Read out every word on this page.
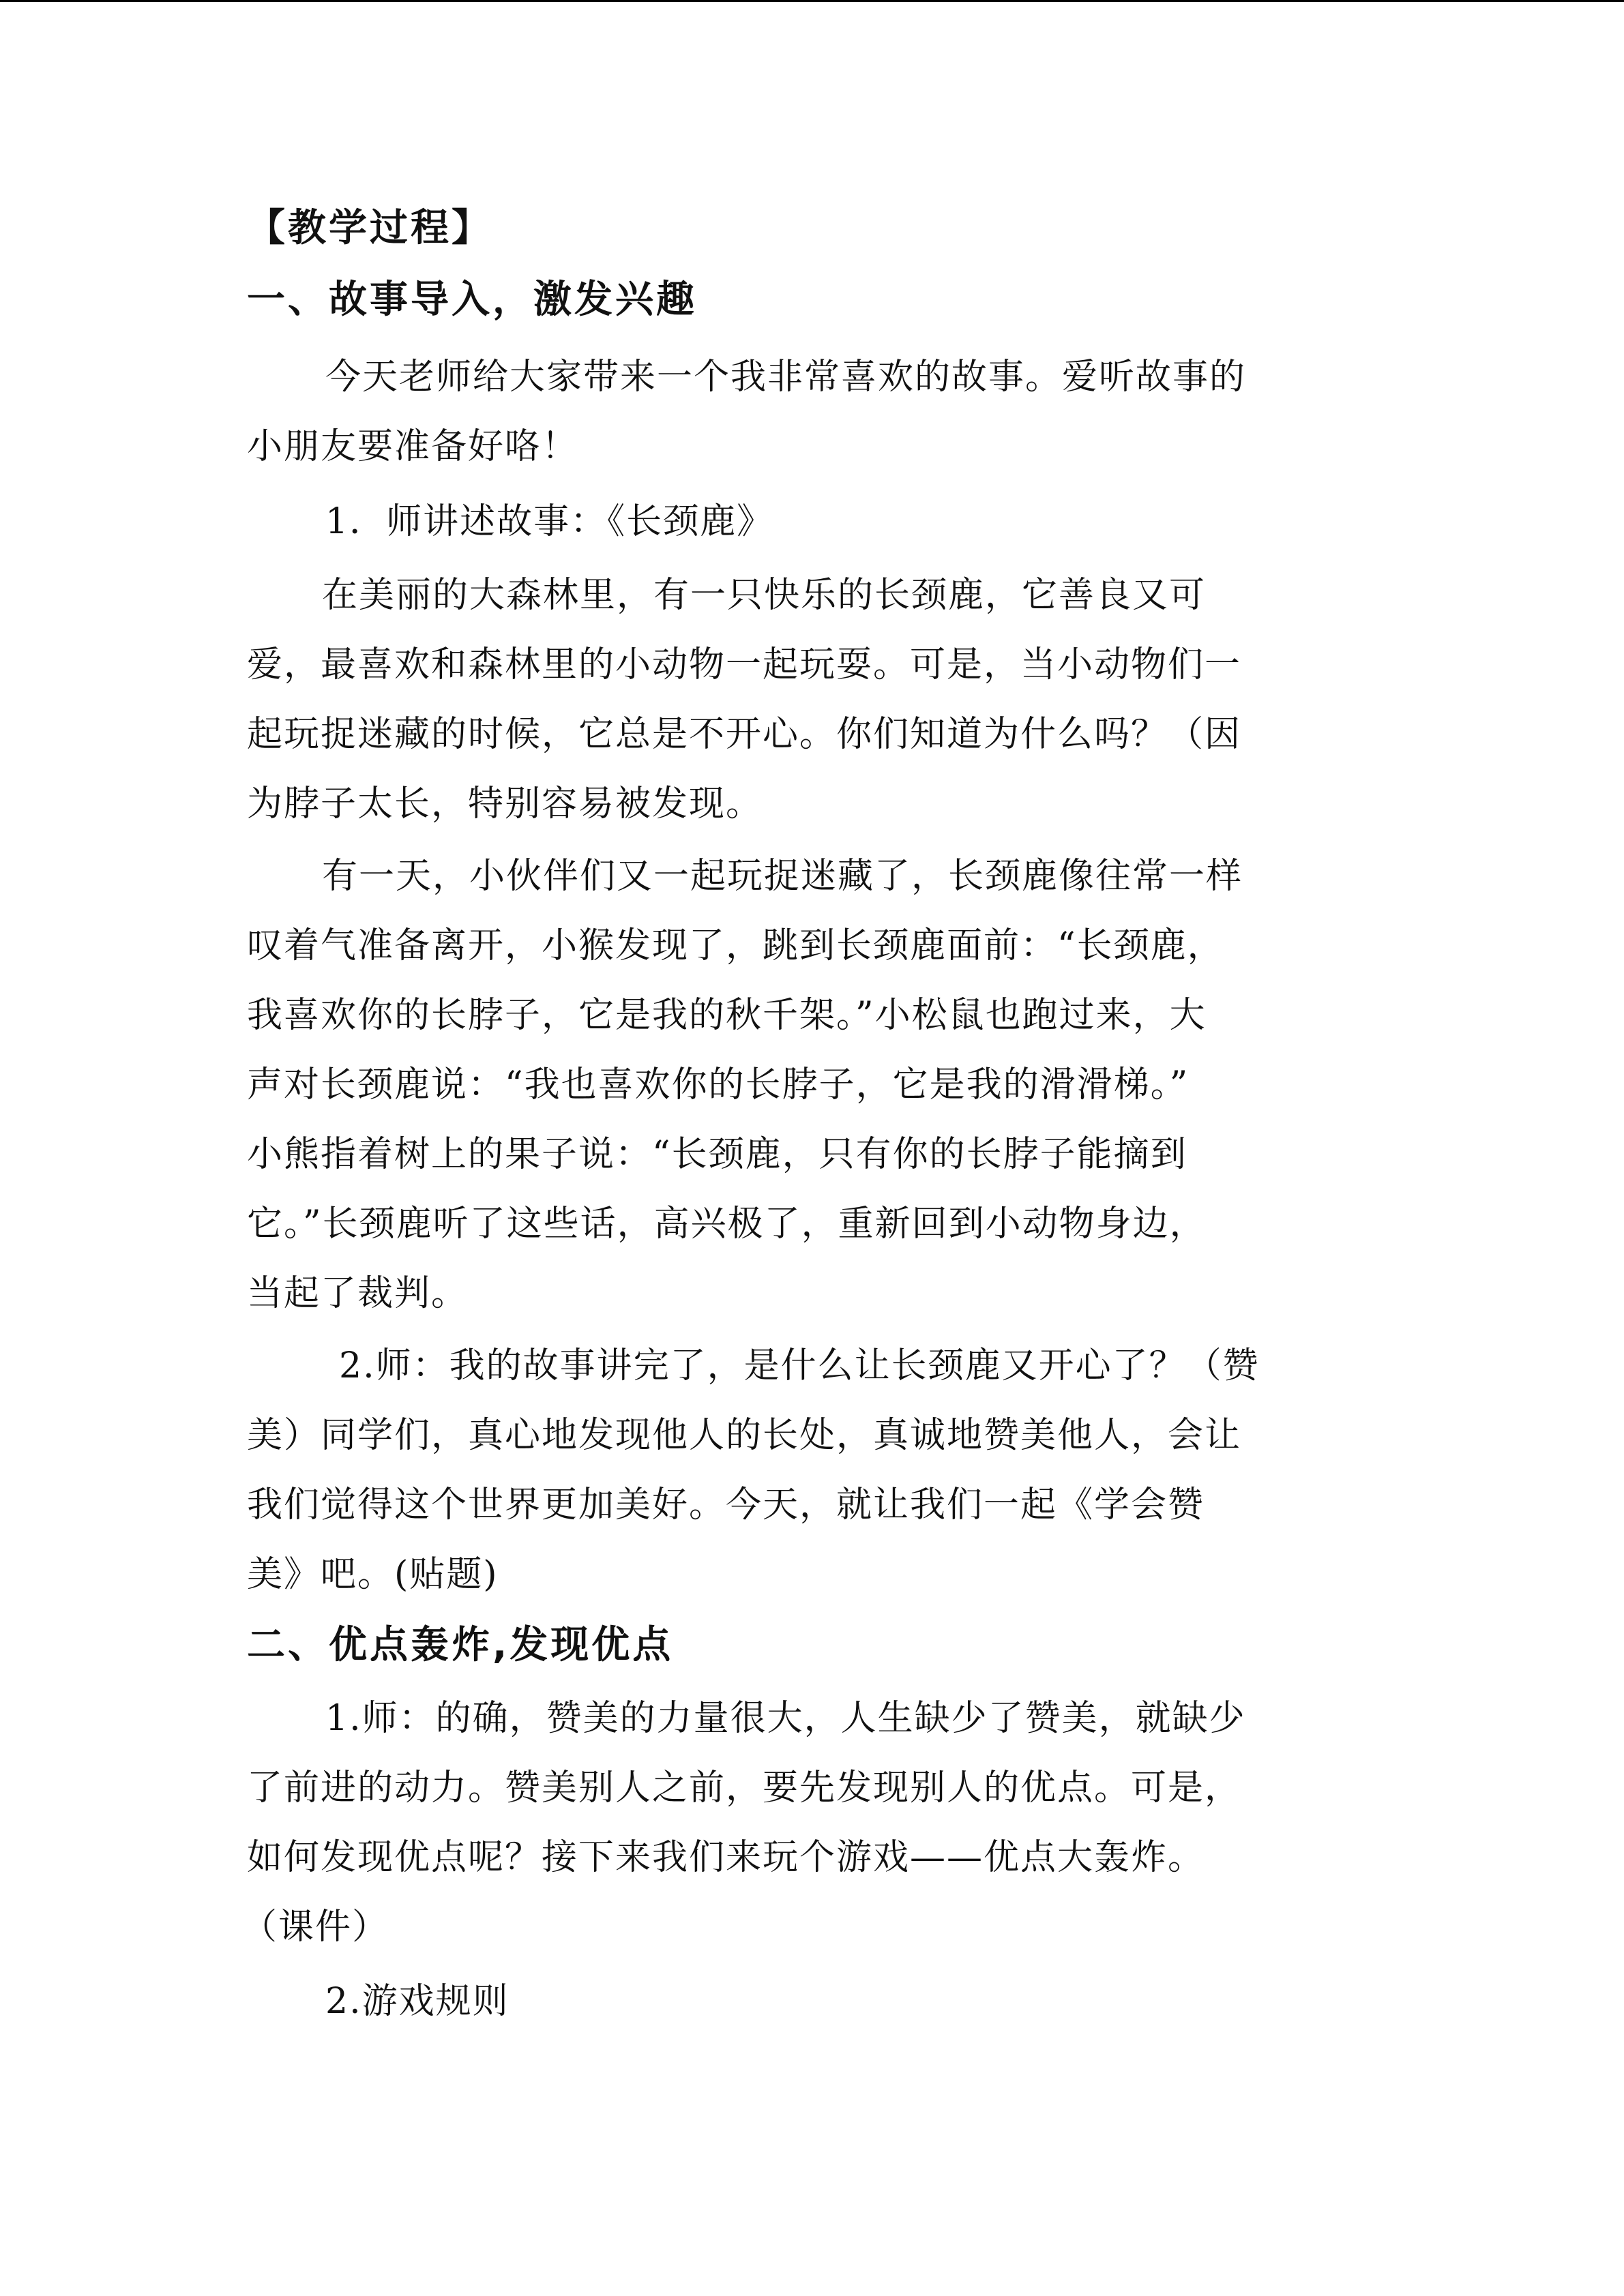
【教学过程】
一、故事导入，激发兴趣
今天老师给大家带来一个我非常喜欢的故事。爱听故事的
小朋友要准备好咯！
1．师讲述故事：《长颈鹿》
在美丽的大森林里，有一只快乐的长颈鹿，它善良又可
爱，最喜欢和森林里的小动物一起玩耍。可是，当小动物们一
起玩捉迷藏的时候，它总是不开心。你们知道为什么吗？（因
为脖子太长，特别容易被发现。
有一天，小伙伴们又一起玩捉迷藏了，长颈鹿像往常一样
叹着气准备离开，小猴发现了，跳到长颈鹿面前：“长颈鹿，
我喜欢你的长脖子，它是我的秋千架。”小松鼠也跑过来，大
声对长颈鹿说：“我也喜欢你的长脖子，它是我的滑滑梯。”
小熊指着树上的果子说：“长颈鹿，只有你的长脖子能摘到
它。”长颈鹿听了这些话，高兴极了，重新回到小动物身边，
当起了裁判。
2.师：我的故事讲完了，是什么让长颈鹿又开心了？（赞
美）同学们，真心地发现他人的长处，真诚地赞美他人，会让
我们觉得这个世界更加美好。今天，就让我们一起《学会赞
美》吧。(贴题)
二、优点轰炸,发现优点
1.师：的确，赞美的力量很大，人生缺少了赞美，就缺少
了前进的动力。赞美别人之前，要先发现别人的优点。可是，
如何发现优点呢？接下来我们来玩个游戏——优点大轰炸。
（课件）
2.游戏规则
